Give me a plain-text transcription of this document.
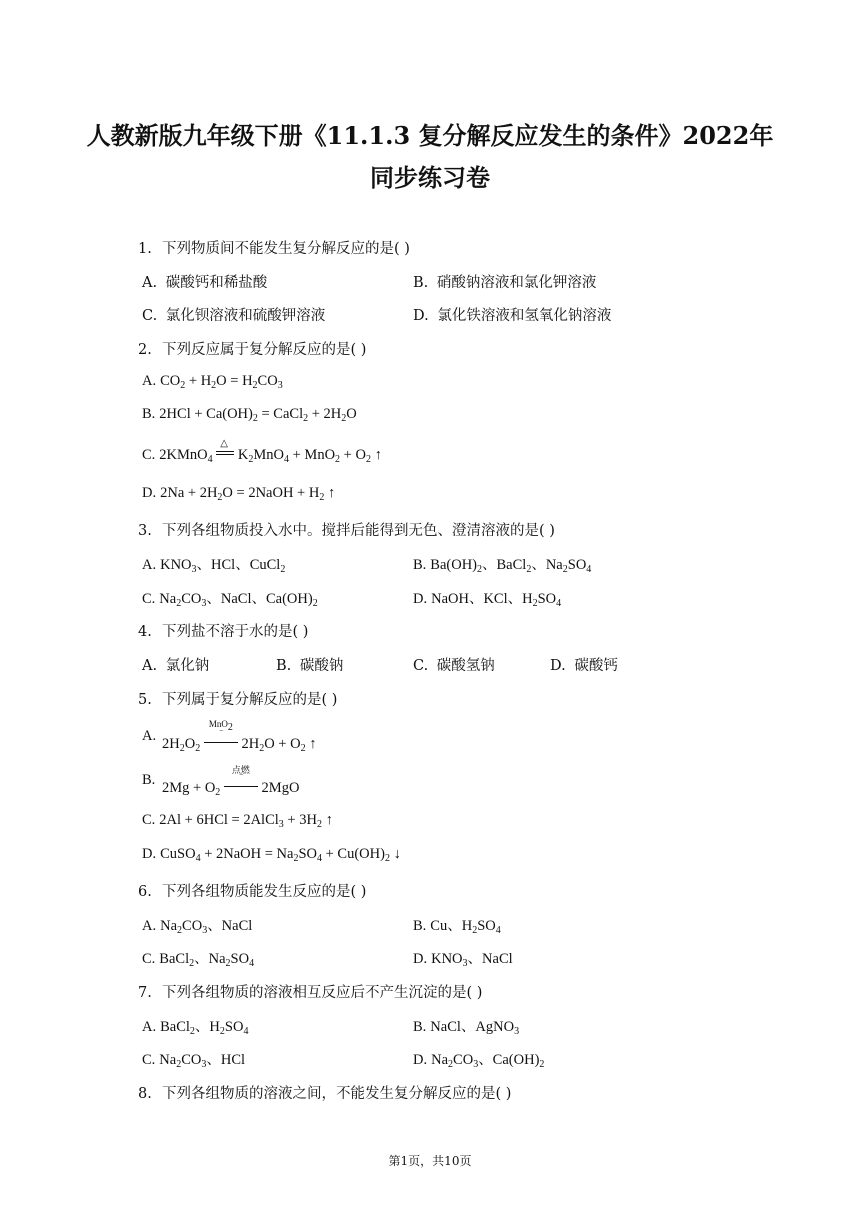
人教新版九年级下册《11.1.3 复分解反应发生的条件》2022年
同步练习卷
1. 下列物质间不能发生复分解反应的是( )
A. 碳酸钙和稀盐酸	B. 硝酸钠溶液和氯化钾溶液
C. 氯化钡溶液和硫酸钾溶液	D. 氯化铁溶液和氢氧化钠溶液
2. 下列反应属于复分解反应的是( )
A. $CO_2 + H_2O = H_2CO_3$
B. $2HCl + Ca(OH)_2$ = CaCl$_2$ + $2H_2O$
C. 2KMnO$_4$
△
$K_2MnO_4 + MnO_2 + O_2$ ↑
D. $2Na + 2H_2O$ = 2NaOH + $H_2$ ↑
3. 下列各组物质投入水中。搅拌后能得到无色、澄清溶液的是( )
A. $KNO_3$、HCl、CuCl$_2$	B. $Ba(OH)_2$、BaCl$_2$、$Na_2SO_4$
C. $Na_2CO_3$、NaCl、$Ca(OH)_2$	D. NaOH、KCl、$H_2SO_4$
4. 下列盐不溶于水的是( )
A. 氯化钠	B. 碳酸钠	C. 碳酸氢钠	D. 碳酸钙
5. 下列属于复分解反应的是( )
A. $2H_2O_2$
MnO$_2$
‾
$2H_2O + O_2$ ↑
B. $2Mg + O_2$
点燃
‾
2MgO
C. 2Al + 6HCl = 2AlCl$_3$ + $3H_2$ ↑
D. CuSO$_4$ + 2NaOH = $Na_2SO_4 + Cu(OH)_2$ ↓
6. 下列各组物质能发生反应的是( )
A. $Na_2CO_3$、NaCl	B. Cu、$H_2SO_4$
C. BaCl$_2$、$Na_2SO_4$	D. $KNO_3$、NaCl
7. 下列各组物质的溶液相互反应后不产生沉淀的是( )
A. BaCl$_2$、$H_2SO_4$	B. NaCl、AgNO$_3$
C. $Na_2CO_3$、HCl	D. $Na_2CO_3$、$Ca(OH)_2$
8. 下列各组物质的溶液之间，不能发生复分解反应的是( )
第1页，共10页
